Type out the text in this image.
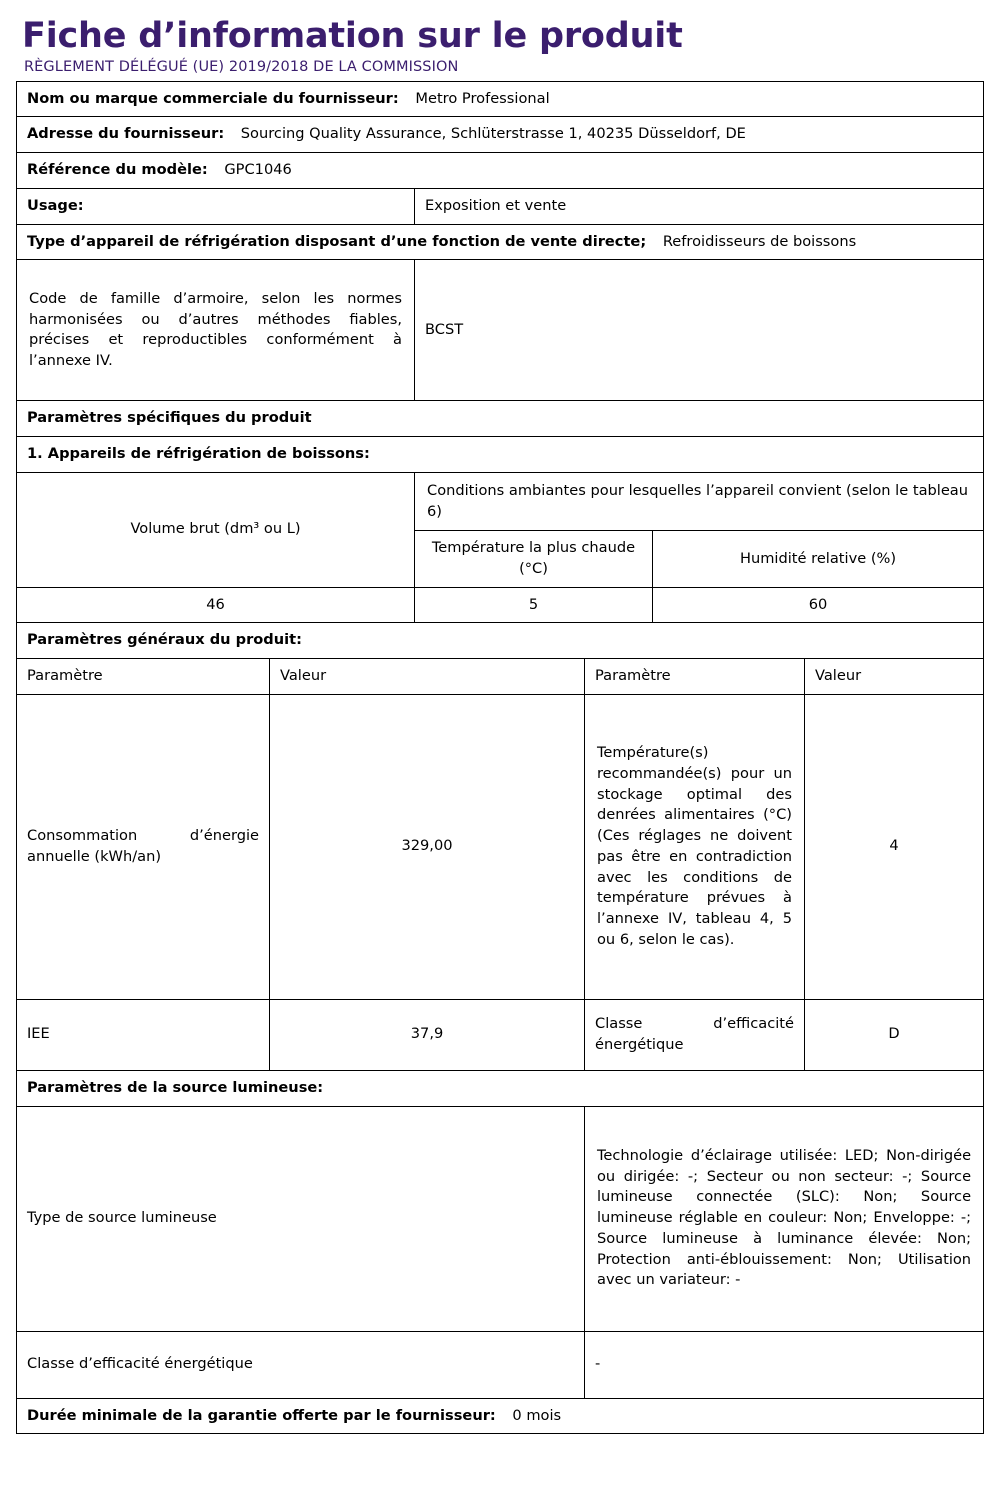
Fiche d’information sur le produit
RÈGLEMENT DÉLÉGUÉ (UE) 2019/2018 DE LA COMMISSION
Nom ou marque commerciale du fournisseur: Metro Professional					
Adresse du fournisseur: Sourcing Quality Assurance, Schlüterstrasse 1, 40235 Düsseldorf, DE					
Référence du modèle: GPC1046					
Usage:		Exposition et vente			
Type d’appareil de réfrigération disposant d’une fonction de vente directe; Refroidisseurs de boissons					
Code de famille d’armoire, selon les normes harmonisées ou d’autres méthodes fiables, précises et reproductibles conformément à l’annexe IV.		BCST			
Paramètres spécifiques du produit					
1. Appareils de réfrigération de boissons:					
Volume brut (dm³ ou L)		Conditions ambiantes pour lesquelles l’appareil convient (selon le tableau 6)			
		Température la plus chaude (°C)		Humidité relative (%)	
46		5		60	
Paramètres généraux du produit:					
Paramètre	Valeur		Paramètre		Valeur
Consommation d’énergie annuelle (kWh/an)	329,00		Température(s) recommandée(s) pour un stockage optimal des denrées alimentaires (°C) (Ces réglages ne doivent pas être en contradiction avec les conditions de température prévues à l’annexe IV, tableau 4, 5 ou 6, selon le cas).		4
IEE	37,9		Classe d’efficacité énergétique		D
Paramètres de la source lumineuse:					
Type de source lumineuse			Technologie d’éclairage utilisée: LED; Non-dirigée ou dirigée: -; Secteur ou non secteur: -; Source lumineuse connectée (SLC): Non; Source lumineuse réglable en couleur: Non; Enveloppe: -; Source lumineuse à luminance élevée: Non; Protection anti-éblouissement: Non; Utilisation avec un variateur: -		
Classe d’efficacité énergétique			-		
Durée minimale de la garantie offerte par le fournisseur: 0 mois					
